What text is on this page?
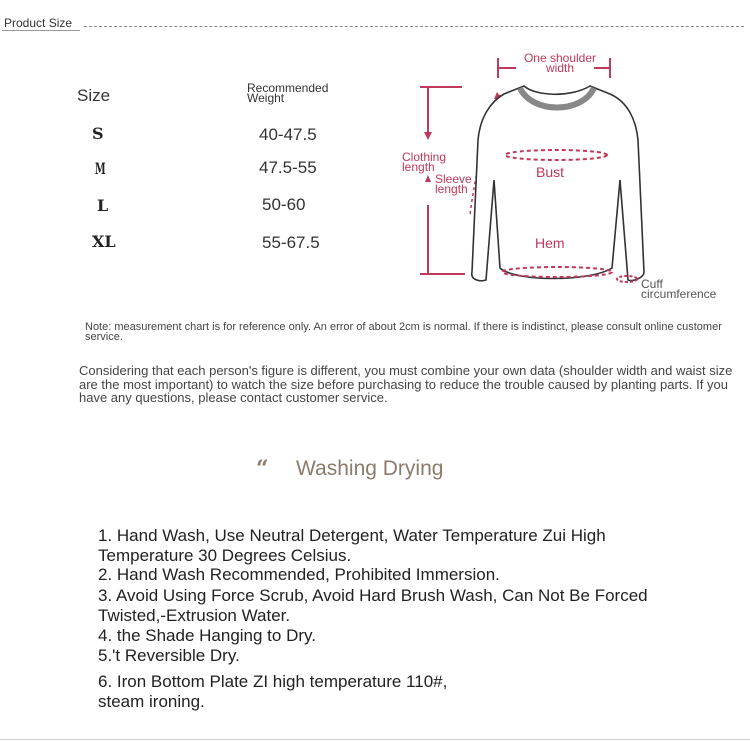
Product Size
Size	Recommended Weight
S	40-47.5
M	47.5-55
L	50-60
XL	55-67.5
One shoulder width
Clothing length
Sleeve length
Bust
Hem
Cuff circumference
Note: measurement chart is for reference only. An error of about 2cm is normal. If there is indistinct, please consult online customer service.
Considering that each person's figure is different, you must combine your own data (shoulder width and waist size are the most important) to watch the size before purchasing to reduce the trouble caused by planting parts. If you have any questions, please contact customer service.
“ Washing Drying
1. Hand Wash, Use Neutral Detergent, Water Temperature Zui High Temperature 30 Degrees Celsius.
2. Hand Wash Recommended, Prohibited Immersion.
3. Avoid Using Force Scrub, Avoid Hard Brush Wash, Can Not Be Forced Twisted,-Extrusion Water.
4. the Shade Hanging to Dry.
5.'t Reversible Dry.
6. Iron Bottom Plate ZI high temperature 110#, steam ironing.
